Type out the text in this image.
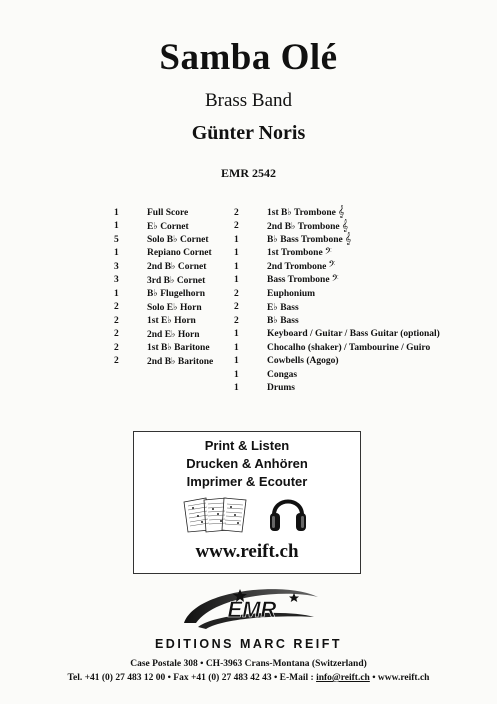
Samba Olé
Brass Band
Günter Noris
EMR 2542
1	Full Score
1	E♭ Cornet
5	Solo B♭ Cornet
1	Repiano Cornet
3	2nd B♭ Cornet
3	3rd B♭ Cornet
1	B♭ Flugelhorn
2	Solo E♭ Horn
2	1st E♭ Horn
2	2nd E♭ Horn
2	1st B♭ Baritone
2	2nd B♭ Baritone
2	1st B♭ Trombone 𝄞
2	2nd B♭ Trombone 𝄞
1	B♭ Bass Trombone 𝄞
1	1st Trombone 𝄢
1	2nd Trombone 𝄢
1	Bass Trombone 𝄢
2	Euphonium
2	E♭ Bass
2	B♭ Bass
1	Keyboard / Guitar / Bass Guitar (optional)
1	Chocalho (shaker) / Tambourine / Guiro
1	Cowbells (Agogo)
1	Congas
1	Drums
Print & Listen
Drucken & Anhören
Imprimer & Ecouter
www.reift.ch
EMR
EDITIONS MARC REIFT
Case Postale 308 • CH-3963 Crans-Montana (Switzerland)
Tel. +41 (0) 27 483 12 00 • Fax +41 (0) 27 483 42 43 • E-Mail : info@reift.ch • www.reift.ch
